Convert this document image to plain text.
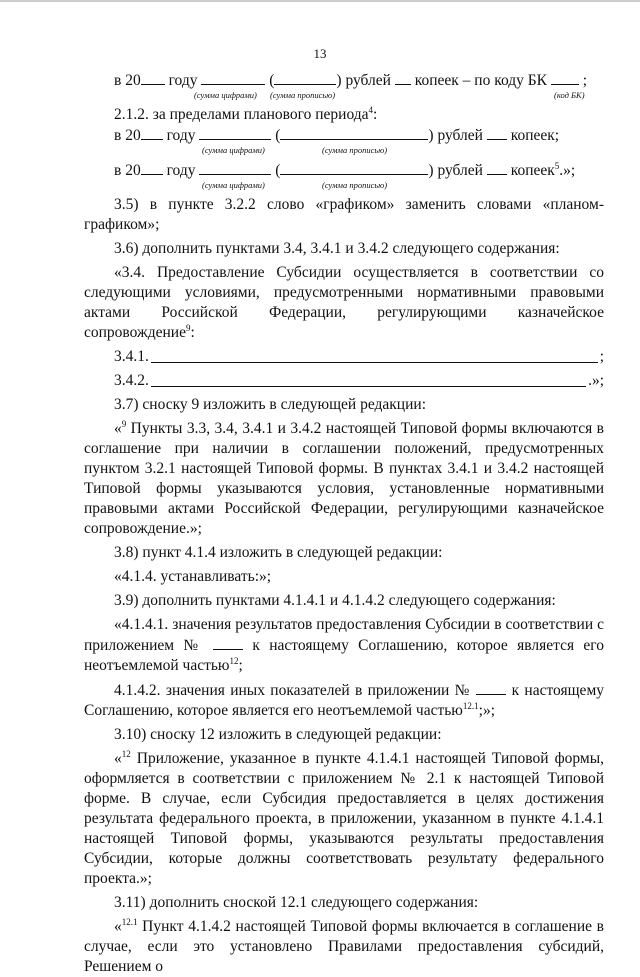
13
в 20 году	(	) рублей копеек – по коду БК ;
(сумма цифрами) (сумма прописью)	(код БК)
2.1.2. за пределами планового периода$^4$:
в 20 году	(	) рублей копеек;
(сумма цифрами)	(сумма прописью)
в 20 году	(	) рублей копеек$^5$.»;
(сумма цифрами)	(сумма прописью)

3.5) в пункте 3.2.2 слово «графиком» заменить словами «планом-графиком»;

3.6) дополнить пунктами 3.4, 3.4.1 и 3.4.2 следующего содержания:

«3.4. Предоставление Субсидии осуществляется в соответствии со следующими условиями, предусмотренными нормативными правовыми актами Российской Федерации, регулирующими казначейское сопровождение$^9$:

3.4.1.	;
3.4.2.	.»;

3.7) сноску 9 изложить в следующей редакции:

«$^9$ Пункты 3.3, 3.4, 3.4.1 и 3.4.2 настоящей Типовой формы включаются в соглашение при наличии в соглашении положений, предусмотренных пунктом 3.2.1 настоящей Типовой формы. В пунктах 3.4.1 и 3.4.2 настоящей Типовой формы указываются условия, установленные нормативными правовыми актами Российской Федерации, регулирующими казначейское сопровождение.»;

3.8) пункт 4.1.4 изложить в следующей редакции:

«4.1.4. устанавливать:»;

3.9) дополнить пунктами 4.1.4.1 и 4.1.4.2 следующего содержания:

«4.1.4.1. значения результатов предоставления Субсидии в соответствии с приложением №	к настоящему Соглашению, которое является его неотъемлемой частью$^{12}$;

4.1.4.2. значения иных показателей в приложении №	к настоящему Соглашению, которое является его неотъемлемой частью$^{12.1}$;»;

3.10) сноску 12 изложить в следующей редакции:

«$^{12}$ Приложение, указанное в пункте 4.1.4.1 настоящей Типовой формы, оформляется в соответствии с приложением № 2.1 к настоящей Типовой форме. В случае, если Субсидия предоставляется в целях достижения результата федерального проекта, в приложении, указанном в пункте 4.1.4.1 настоящей Типовой формы, указываются результаты предоставления Субсидии, которые должны соответствовать результату федерального проекта.»;

3.11) дополнить сноской 12.1 следующего содержания:

«$^{12.1}$ Пункт 4.1.4.2 настоящей Типовой формы включается в соглашение в случае, если это установлено Правилами предоставления субсидий, Решением о
